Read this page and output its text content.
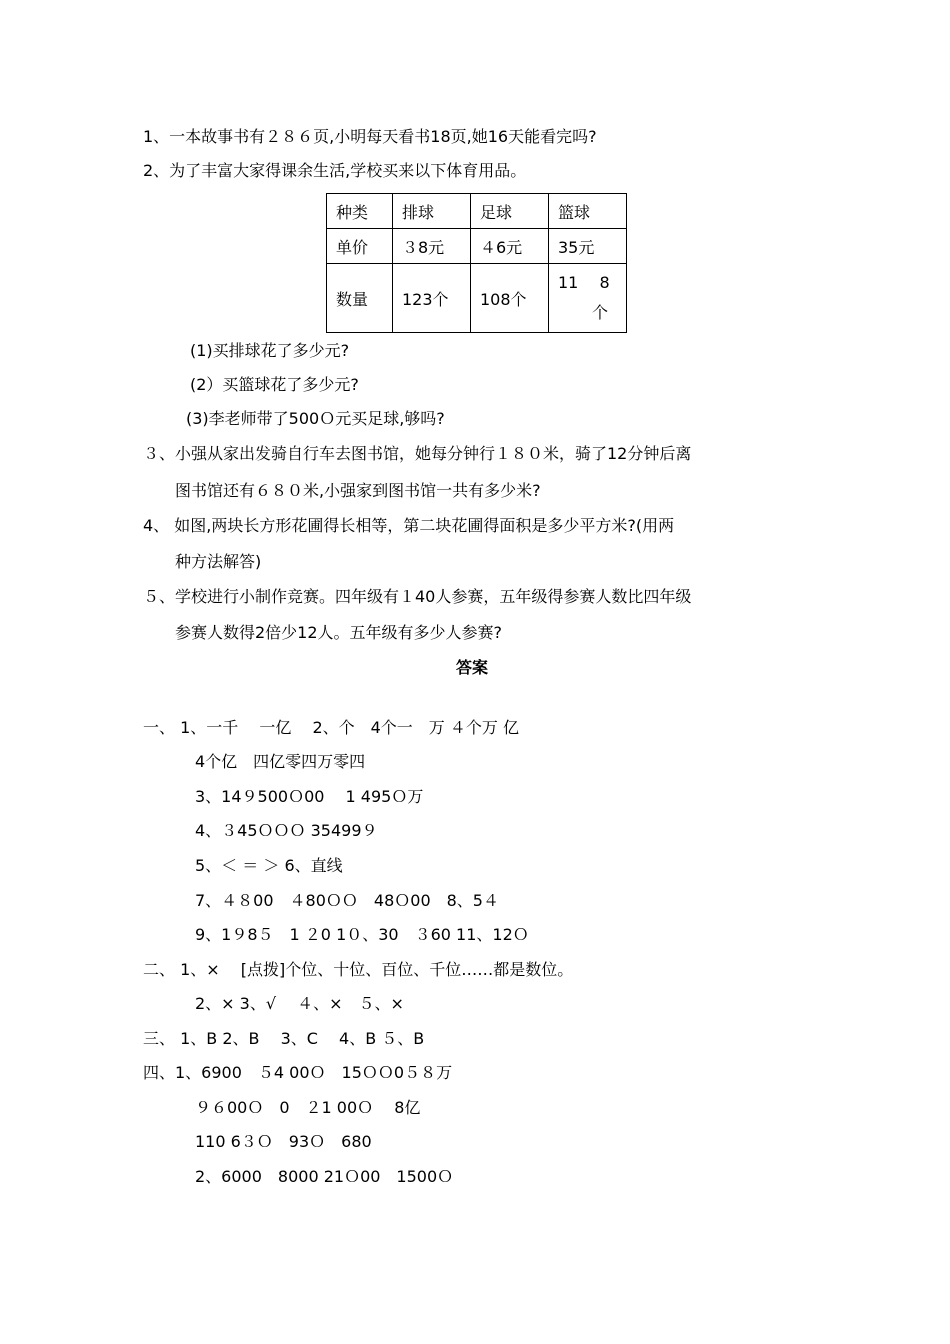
1、一本故事书有２８６页,小明每天看书18页,她16天能看完吗?
2、为了丰富大家得课余生活,学校买来以下体育用品。
种类	排球	足球	篮球
单价	３8元	４6元	35元
数量	123个	108个	11　 8
个
(1)买排球花了多少元?
(2）买篮球花了多少元?
(3)李老师带了500Ｏ元买足球,够吗?
３、小强从家出发骑自行车去图书馆，她每分钟行１８０米，骑了12分钟后离
图书馆还有６８０米,小强家到图书馆一共有多少米?
4、 如图,两块长方形花圃得长相等，第二块花圃得面积是多少平方米?(用两
种方法解答)
５、学校进行小制作竞赛。四年级有１40人参赛，五年级得参赛人数比四年级
参赛人数得2倍少12人。五年级有多少人参赛?
答案
一、 1、一千　 一亿　 2、个　4个一　万 ４个万 亿
4个亿　四亿零四万零四
3、14９500Ｏ00　 1 495Ｏ万
4、３45ＯＯＯ 35499９
5、＜ ＝ ＞ 6、直线
7、４８00　４80ＯＯ　48Ｏ00　8、5４
9、1９8５　1 ２0 1０、30　３60 11、12Ｏ
二、 1、×　 [点拨]个位、十位、百位、千位……都是数位。
2、× 3、√　 ４、×　５、×
三、 1、B 2、B　 3、C　 4、B ５、B
四、1、6900　５4 00Ｏ　15ＯＯ0５８万
９６00Ｏ　0　２1 00Ｏ　 8亿
110 6３Ｏ　93Ｏ　680
2、6000　8000 21Ｏ00　1500Ｏ
